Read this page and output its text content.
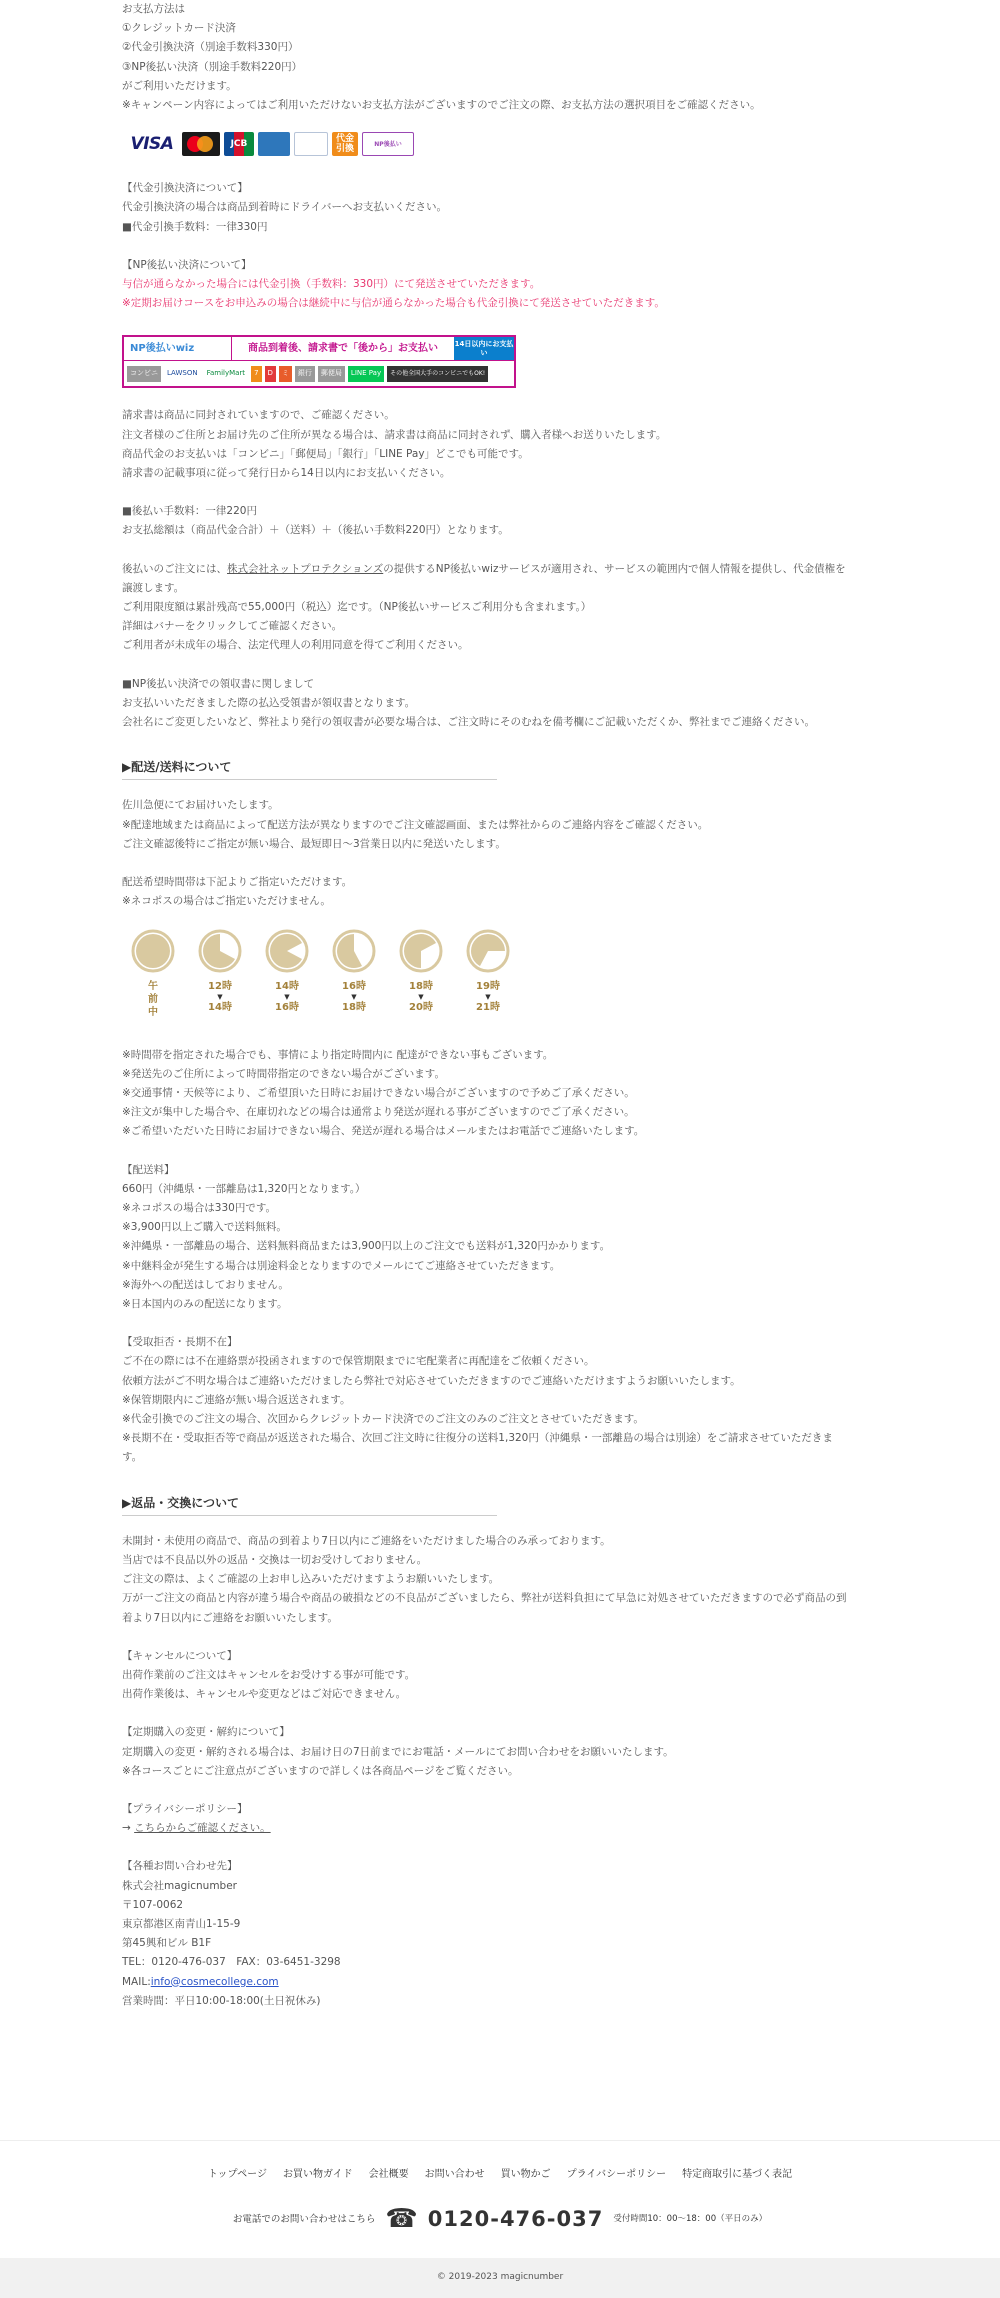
お支払方法は
①クレジットカード決済
②代金引換決済（別途手数料330円）
③NP後払い決済（別途手数料220円）
がご利用いただけます。
※キャンペーン内容によってはご利用いただけないお支払方法がございますのでご注文の際、お支払方法の選択項目をご確認ください。
VISA	JCB	代金引換
NP後払い
【代金引換決済について】
代金引換決済の場合は商品到着時にドライバーへお支払いください。
■代金引換手数料：一律330円
【NP後払い決済について】
与信が通らなかった場合には代金引換（手数料：330円）にて発送させていただきます。
※定期お届けコースをお申込みの場合は継続中に与信が通らなかった場合も代金引換にて発送させていただきます。
NP後払いwiz	商品到着後、請求書で「後から」お支払い	14日以内にお支払い
コンビニ	LAWSON	FamilyMart	7	D	ミ	銀行	郵便局	LINE Pay	その他全国大手のコンビニでもOK!
請求書は商品に同封されていますので、ご確認ください。
注文者様のご住所とお届け先のご住所が異なる場合は、請求書は商品に同封されず、購入者様へお送りいたします。
商品代金のお支払いは「コンビニ」「郵便局」「銀行」「LINE Pay」どこでも可能です。
請求書の記載事項に従って発行日から14日以内にお支払いください。
■後払い手数料：一律220円
お支払総額は（商品代金合計）＋（送料）＋（後払い手数料220円）となります。
後払いのご注文には、株式会社ネットプロテクションズの提供するNP後払いwizサービスが適用され、サービスの範囲内で個人情報を提供し、代金債権を
譲渡します。
ご利用限度額は累計残高で55,000円（税込）迄です。（NP後払いサービスご利用分も含まれます。）
詳細はバナーをクリックしてご確認ください。
ご利用者が未成年の場合、法定代理人の利用同意を得てご利用ください。
■NP後払い決済での領収書に関しまして
お支払いいただきました際の払込受領書が領収書となります。
会社名にご変更したいなど、弊社より発行の領収書が必要な場合は、ご注文時にそのむねを備考欄にご記載いただくか、弊社までご連絡ください。
▶配送/送料について
佐川急便にてお届けいたします。
※配達地域または商品によって配送方法が異なりますのでご注文確認画面、または弊社からのご連絡内容をご確認ください。
ご注文確認後特にご指定が無い場合、最短即日〜3営業日以内に発送いたします。
配送希望時間帯は下記よりご指定いただけます。
※ネコポスの場合はご指定いただけません。
午前中
12時
▼
14時
14時
▼
16時
16時
▼
18時
18時
▼
20時
19時
▼
21時
※時間帯を指定された場合でも、事情により指定時間内に 配達ができない事もございます。
※発送先のご住所によって時間帯指定のできない場合がございます。
※交通事情・天候等により、ご希望頂いた日時にお届けできない場合がございますので予めご了承ください。
※注文が集中した場合や、在庫切れなどの場合は通常より発送が遅れる事がございますのでご了承ください。
※ご希望いただいた日時にお届けできない場合、発送が遅れる場合はメールまたはお電話でご連絡いたします。
【配送料】
660円（沖縄県・一部離島は1,320円となります。）
※ネコポスの場合は330円です。
※3,900円以上ご購入で送料無料。
※沖縄県・一部離島の場合、送料無料商品または3,900円以上のご注文でも送料が1,320円かかります。
※中継料金が発生する場合は別途料金となりますのでメールにてご連絡させていただきます。
※海外への配送はしておりません。
※日本国内のみの配送になります。
【受取拒否・長期不在】
ご不在の際には不在連絡票が投函されますので保管期限までに宅配業者に再配達をご依頼ください。
依頼方法がご不明な場合はご連絡いただけましたら弊社で対応させていただきますのでご連絡いただけますようお願いいたします。
※保管期限内にご連絡が無い場合返送されます。
※代金引換でのご注文の場合、次回からクレジットカード決済でのご注文のみのご注文とさせていただきます。
※長期不在・受取拒否等で商品が返送された場合、次回ご注文時に往復分の送料1,320円（沖縄県・一部離島の場合は別途）をご請求させていただきま
す。
▶返品・交換について
未開封・未使用の商品で、商品の到着より7日以内にご連絡をいただけました場合のみ承っております。
当店では不良品以外の返品・交換は一切お受けしておりません。
ご注文の際は、よくご確認の上お申し込みいただけますようお願いいたします。
万が一ご注文の商品と内容が違う場合や商品の破損などの不良品がございましたら、弊社が送料負担にて早急に対処させていただきますので必ず商品の到
着より7日以内にご連絡をお願いいたします。
【キャンセルについて】
出荷作業前のご注文はキャンセルをお受けする事が可能です。
出荷作業後は、キャンセルや変更などはご対応できません。
【定期購入の変更・解約について】
定期購入の変更・解約される場合は、お届け日の7日前までにお電話・メールにてお問い合わせをお願いいたします。
※各コースごとにご注意点がございますので詳しくは各商品ページをご覧ください。
【プライバシーポリシー】
→ こちらからご確認ください。
【各種お問い合わせ先】
株式会社magicnumber
〒107-0062
東京都港区南青山1-15-9
第45興和ビル B1F
TEL：0120-476-037　FAX：03-6451-3298
MAIL:info@cosmecollege.com
営業時間：平日10:00-18:00(土日祝休み)
トップページ お買い物ガイド 会社概要 お問い合わせ 買い物かご プライバシーポリシー 特定商取引に基づく表記
お電話でのお問い合わせはこちら ☎ 0120-476-037 受付時間10：00〜18：00（平日のみ）
© 2019-2023 magicnumber
